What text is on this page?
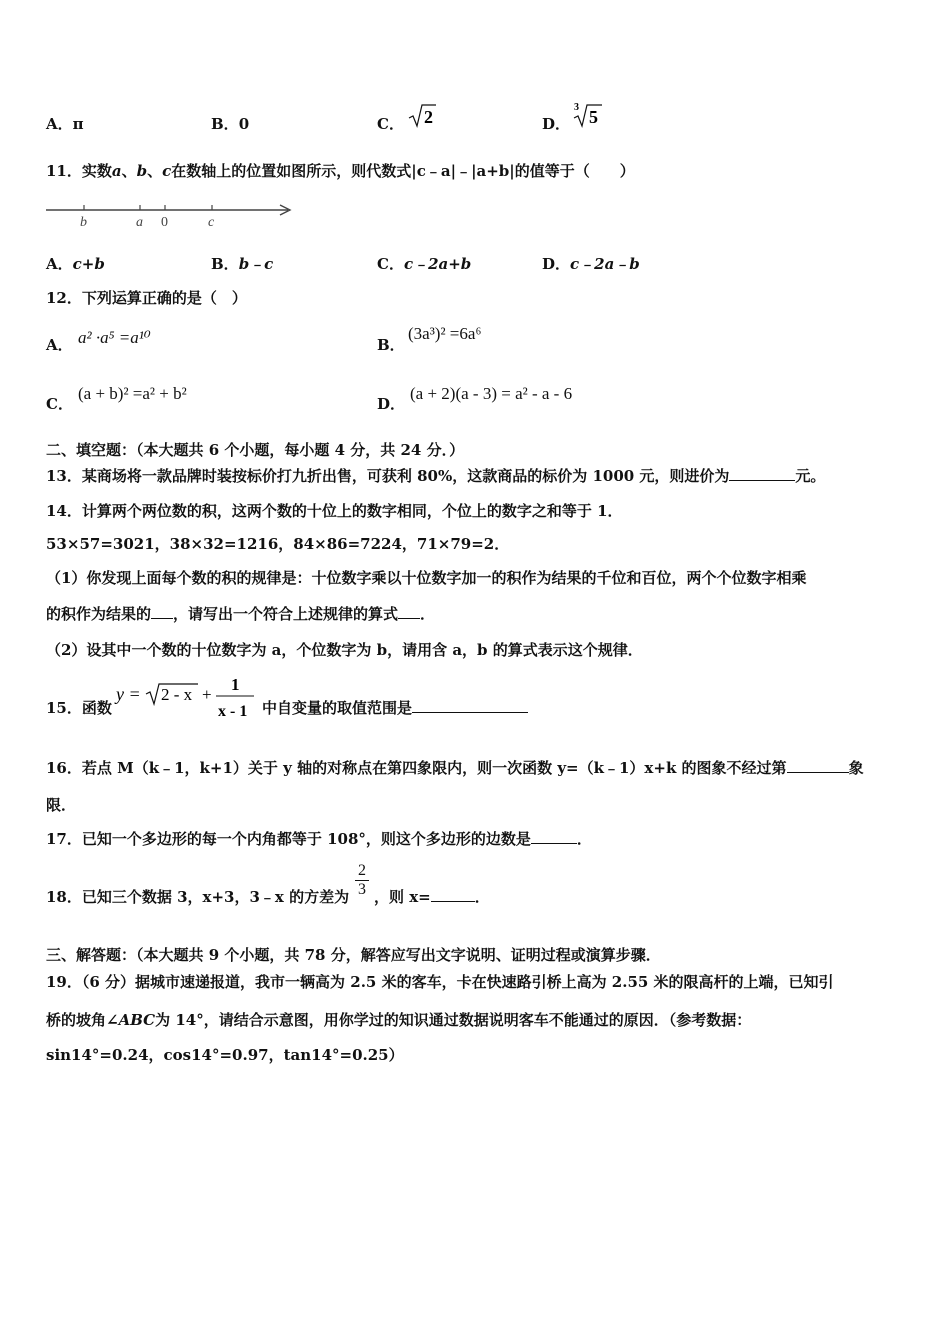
A．π	B．0	C． 2	D．
3 5
11．实数a、b、c在数轴上的位置如图所示，则代数式|c﹣a|﹣|a+b|的值等于（　　）
b	a 0	c
A．c+b	B．b﹣c	C．c﹣2a+b	D．c﹣2a﹣b
12．下列运算正确的是（　）
A． a² ·a⁵ =a¹⁰	B．
(3a³)² =6a⁶
C．
(a + b)² =a² + b²
D．
(a + 2)(a - 3) = a² - a - 6
二、填空题：（本大题共 6 个小题，每小题 4 分，共 24 分．）
13．某商场将一款品牌时装按标价打九折出售，可获利 80%，这款商品的标价为 1000 元，则进价为	元。
14．计算两个两位数的积，这两个数的十位上的数字相同，个位上的数字之和等于 1．
53×57=3021，38×32=1216，84×86=7224，71×79=2．
（1）你发现上面每个数的积的规律是：十位数字乘以十位数字加一的积作为结果的千位和百位，两个个位数字相乘
的积作为结果的 ，请写出一个符合上述规律的算式 ．
（2）设其中一个数的十位数字为 a，个位数字为 b，请用含 a，b 的算式表示这个规律．
15．函数
y = 2 - x +
1
x - 1 中自变量的取值范围是
16．若点 M（k﹣1，k+1）关于 y 轴的对称点在第四象限内，则一次函数 y=（k﹣1）x+k 的图象不经过第	象
限．
17．已知一个多边形的每一个内角都等于 108°，则这个多边形的边数是	．
18．已知三个数据 3，x+3，3﹣x 的方差为 $\frac{2}{3}$ ，则 x=	．
三、解答题：（本大题共 9 个小题，共 78 分，解答应写出文字说明、证明过程或演算步骤．
19．（6 分）据城市速递报道，我市一辆高为 2.5 米的客车，卡在快速路引桥上高为 2.55 米的限高杆的上端，已知引
桥的坡角∠ABC为 14°，请结合示意图，用你学过的知识通过数据说明客车不能通过的原因．（参考数据：
sin14°=0.24，cos14°=0.97，tan14°=0.25）
